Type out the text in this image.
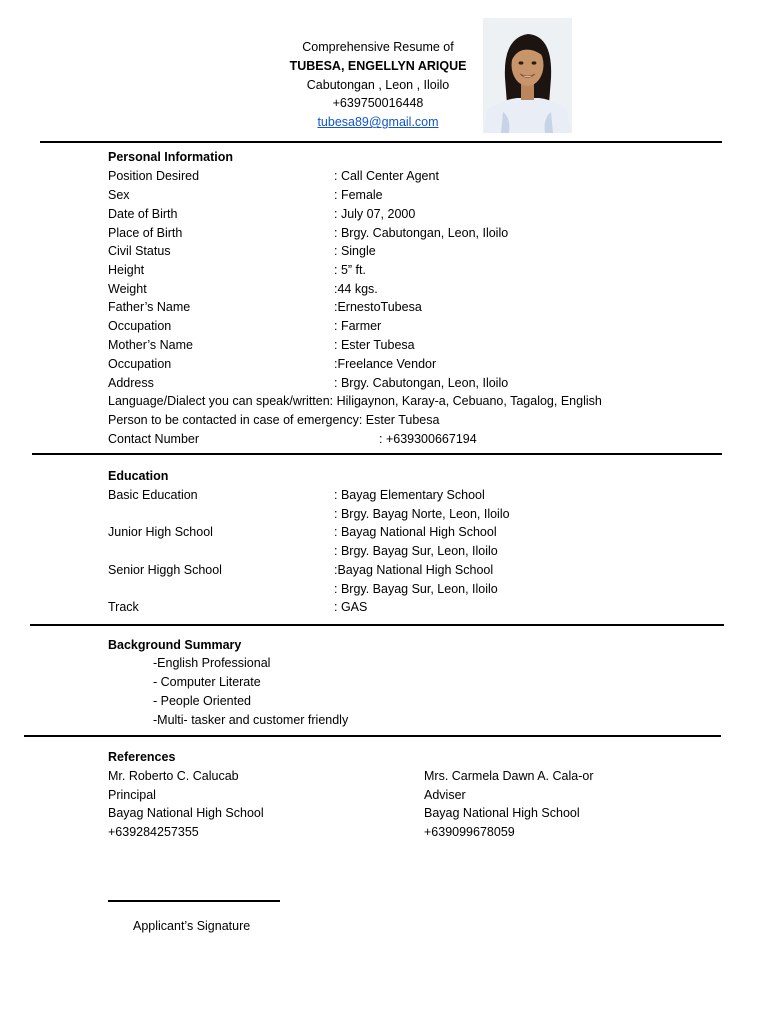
Comprehensive Resume of
TUBESA, ENGELLYN ARIQUE
Cabutongan , Leon , Iloilo
+639750016448
tubesa89@gmail.com
Personal Information
Position Desired	: Call Center Agent
Sex	: Female
Date of Birth	: July 07, 2000
Place of Birth	: Brgy. Cabutongan, Leon, Iloilo
Civil Status	: Single
Height	: 5” ft.
Weight	:44 kgs.
Father’s Name	:ErnestoTubesa
Occupation	: Farmer
Mother’s Name	: Ester Tubesa
Occupation	:Freelance Vendor
Address	: Brgy. Cabutongan, Leon, Iloilo
Language/Dialect you can speak/written: Hiligaynon, Karay-a, Cebuano, Tagalog, English
Person to be contacted in case of emergency: Ester Tubesa
Contact Number	: +639300667194
Education
Basic Education	: Bayag Elementary School
: Brgy. Bayag Norte, Leon, Iloilo
Junior High School	: Bayag National High School
: Brgy. Bayag Sur, Leon, Iloilo
Senior Higgh School	:Bayag National High School
: Brgy. Bayag Sur, Leon, Iloilo
Track	: GAS
Background Summary
-English Professional
- Computer Literate
- People Oriented
-Multi- tasker and customer friendly
References
Mr. Roberto C. Calucab
Principal
Bayag National High School
+639284257355
Mrs. Carmela Dawn A. Cala-or
Adviser
Bayag National High School
+639099678059
Applicant’s Signature
